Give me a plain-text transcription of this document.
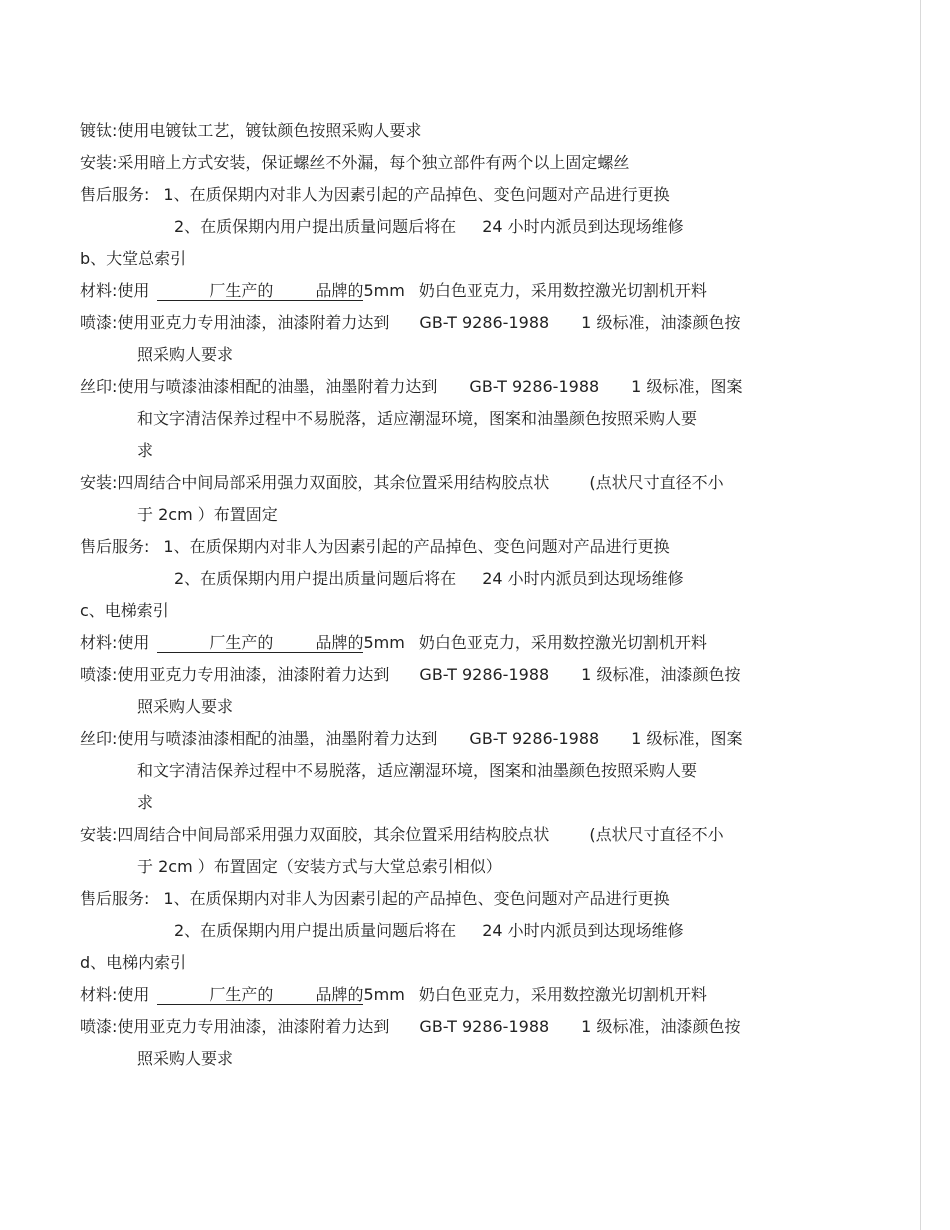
镀钛:使用电镀钛工艺，镀钛颜色按照采购人要求
安装:采用暗上方式安装，保证螺丝不外漏，每个独立部件有两个以上固定螺丝
售后服务: 1、在质保期内对非人为因素引起的产品掉色、变色问题对产品进行更换
2、在质保期内用户提出质量问题后将在 24 小时内派员到达现场维修
b、大堂总索引
材料:使用	厂生产的	品牌的5mm 奶白色亚克力，采用数控激光切割机开料
喷漆:使用亚克力专用油漆，油漆附着力达到 GB-T 9286-1988 1 级标准，油漆颜色按
照采购人要求
丝印:使用与喷漆油漆相配的油墨，油墨附着力达到 GB-T 9286-1988 1 级标准，图案
和文字清洁保养过程中不易脱落，适应潮湿环境，图案和油墨颜色按照采购人要
求
安装:四周结合中间局部采用强力双面胶，其余位置采用结构胶点状	(点状尺寸直径不小
于 2cm ）布置固定
售后服务: 1、在质保期内对非人为因素引起的产品掉色、变色问题对产品进行更换
2、在质保期内用户提出质量问题后将在 24 小时内派员到达现场维修
c、电梯索引
材料:使用	厂生产的	品牌的5mm 奶白色亚克力，采用数控激光切割机开料
喷漆:使用亚克力专用油漆，油漆附着力达到 GB-T 9286-1988 1 级标准，油漆颜色按
照采购人要求
丝印:使用与喷漆油漆相配的油墨，油墨附着力达到 GB-T 9286-1988 1 级标准，图案
和文字清洁保养过程中不易脱落，适应潮湿环境，图案和油墨颜色按照采购人要
求
安装:四周结合中间局部采用强力双面胶，其余位置采用结构胶点状	(点状尺寸直径不小
于 2cm ）布置固定（安装方式与大堂总索引相似）
售后服务: 1、在质保期内对非人为因素引起的产品掉色、变色问题对产品进行更换
2、在质保期内用户提出质量问题后将在 24 小时内派员到达现场维修
d、电梯内索引
材料:使用	厂生产的	品牌的5mm 奶白色亚克力，采用数控激光切割机开料
喷漆:使用亚克力专用油漆，油漆附着力达到 GB-T 9286-1988 1 级标准，油漆颜色按
照采购人要求
